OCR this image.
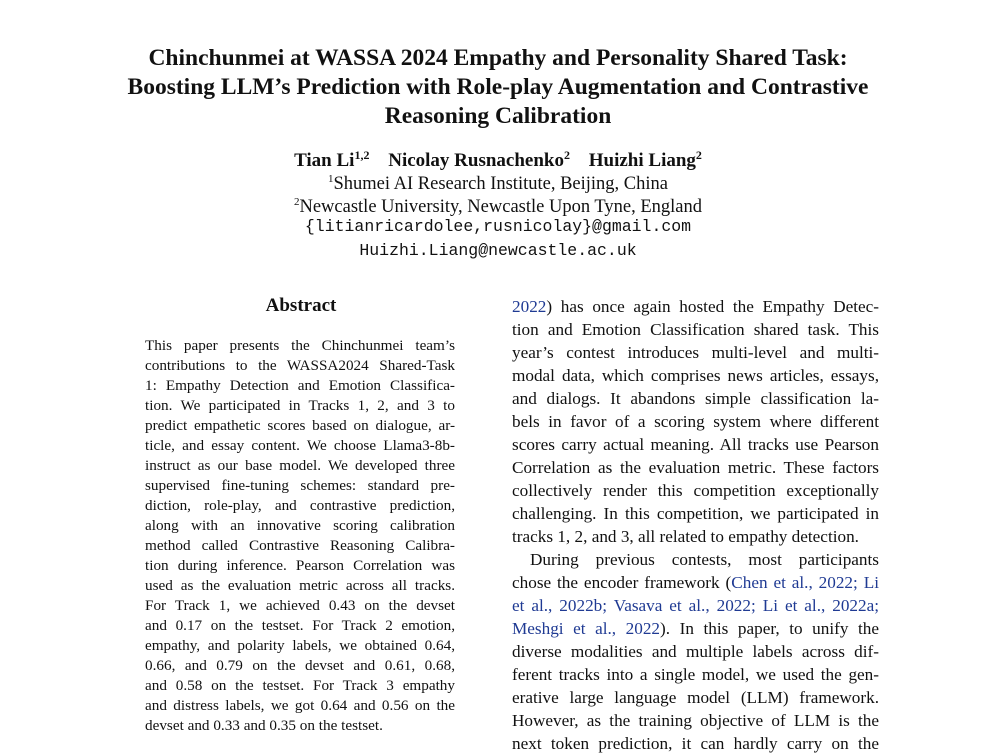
Chinchunmei at WASSA 2024 Empathy and Personality Shared Task:
Boosting LLM’s Prediction with Role-play Augmentation and Contrastive
Reasoning Calibration
Tian Li$^{1,2}$ Nicolay Rusnachenko$^2$ Huizhi Liang$^2$
$^1$Shumei AI Research Institute, Beijing, China
$^2$Newcastle University, Newcastle Upon Tyne, England
{litianricardolee,rusnicolay}@gmail.com
Huizhi.Liang@newcastle.ac.uk
Abstract
This paper presents the Chinchunmei team’s
contributions to the WASSA2024 Shared-Task
1: Empathy Detection and Emotion Classifica-
tion. We participated in Tracks 1, 2, and 3 to
predict empathetic scores based on dialogue, ar-
ticle, and essay content. We choose Llama3-8b-
instruct as our base model. We developed three
supervised fine-tuning schemes: standard pre-
diction, role-play, and contrastive prediction,
along with an innovative scoring calibration
method called Contrastive Reasoning Calibra-
tion during inference. Pearson Correlation was
used as the evaluation metric across all tracks.
For Track 1, we achieved 0.43 on the devset
and 0.17 on the testset. For Track 2 emotion,
empathy, and polarity labels, we obtained 0.64,
0.66, and 0.79 on the devset and 0.61, 0.68,
and 0.58 on the testset. For Track 3 empathy
and distress labels, we got 0.64 and 0.56 on the
devset and 0.33 and 0.35 on the testset.
2022) has once again hosted the Empathy Detec-
tion and Emotion Classification shared task. This
year’s contest introduces multi-level and multi-
modal data, which comprises news articles, essays,
and dialogs. It abandons simple classification la-
bels in favor of a scoring system where different
scores carry actual meaning. All tracks use Pearson
Correlation as the evaluation metric. These factors
collectively render this competition exceptionally
challenging. In this competition, we participated in
tracks 1, 2, and 3, all related to empathy detection.
During previous contests, most participants
chose the encoder framework (Chen et al., 2022; Li
et al., 2022b; Vasava et al., 2022; Li et al., 2022a;
Meshgi et al., 2022). In this paper, to unify the
diverse modalities and multiple labels across dif-
ferent tracks into a single model, we used the gen-
erative large language model (LLM) framework.
However, as the training objective of LLM is the
next token prediction, it can hardly carry on the
